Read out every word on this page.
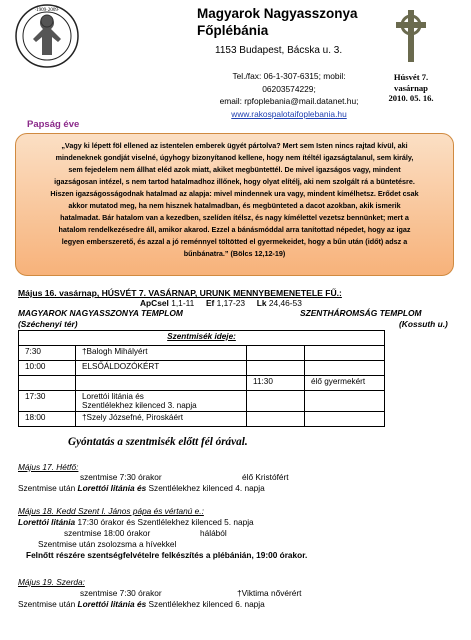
·1909·2009·	Magyarok Nagyasszonya
Főplébánia
1153 Budapest, Bácska u. 3.
Tel./fax: 06-1-307-6315; mobil:
06203574229;
email: rpfoplebania@mail.datanet.hu;
www.rakospalotaifoplebania.hu
Húsvét 7.
vasárnap
2010. 05. 16.
Papság éve
„Vagy ki lépett föl ellened az istentelen emberek ügyét pártolva? Mert sem Isten nincs rajtad kívül, aki
mindeneknek gondját viselné, úgyhogy bizonyítanod kellene, hogy nem ítéltél igazságtalanul, sem király,
sem fejedelem nem állhat eléd azok miatt, akiket megbüntettél. De mivel igazságos vagy, mindent
igazságosan intézel, s nem tartod hatalmadhoz illőnek, hogy olyat elítélj, aki nem szolgált rá a büntetésre.
Hiszen igazságosságodnak hatalmad az alapja: mivel mindennek ura vagy, mindent kímélhetsz. Erődet csak
akkor mutatod meg, ha nem hisznek hatalmadban, és megbünteted a dacot azokban, akik ismerik
hatalmadat. Bár hatalom van a kezedben, szelíden ítélsz, és nagy kímélettel vezetsz bennünket; mert a
hatalom rendelkezésedre áll, amikor akarod. Ezzel a bánásmóddal arra tanítottad népedet, hogy az igaz
legyen emberszerető, és azzal a jó reménnyel töltötted el gyermekeidet, hogy a bűn után (időt) adsz a
bűnbánatra.” (Bölcs 12,12-19)
Május 16. vasárnap, HÚSVÉT 7. VASÁRNAP, URUNK MENNYBEMENETELE FŰ.:
ApCsel 1,1-11 Ef 1,17-23 Lk 24,46-53
MAGYAROK NAGYASSZONYA TEMPLOM	SZENTHÁROMSÁG TEMPLOM
(Széchenyi tér)	(Kossuth u.)
Szentmisék ideje:			
7:30	†Balogh Mihályért		
10:00	ELSŐÁLDOZÓKÉRT		
		11:30	élő gyermekért
17:30	Lorettói litánia és
Szentlélekhez kilenced 3. napja		

18:00	†Szely Józsefné, Piroskáért		
Gyóntatás a szentmisék előtt fél órával.
Május 17. Hétfő:
szentmise 7:30 órakor	élő Kristófért
Szentmise után Lorettói litánia és Szentlélekhez kilenced 4. napja
Május 18. Kedd Szent I. János pápa és vértanú e.:
Lorettói litánia 17:30 órakor és Szentlélekhez kilenced 5. napja
szentmise 18:00 órakor	hálából
Szentmise után zsolozsma a hívekkel
Felnőtt részére szentségfelvételre felkészítés a plébánián, 19:00 órakor.
Május 19. Szerda:
szentmise 7:30 órakor	†Viktima nővérért
Szentmise után Lorettói litánia és Szentlélekhez kilenced 6. napja
